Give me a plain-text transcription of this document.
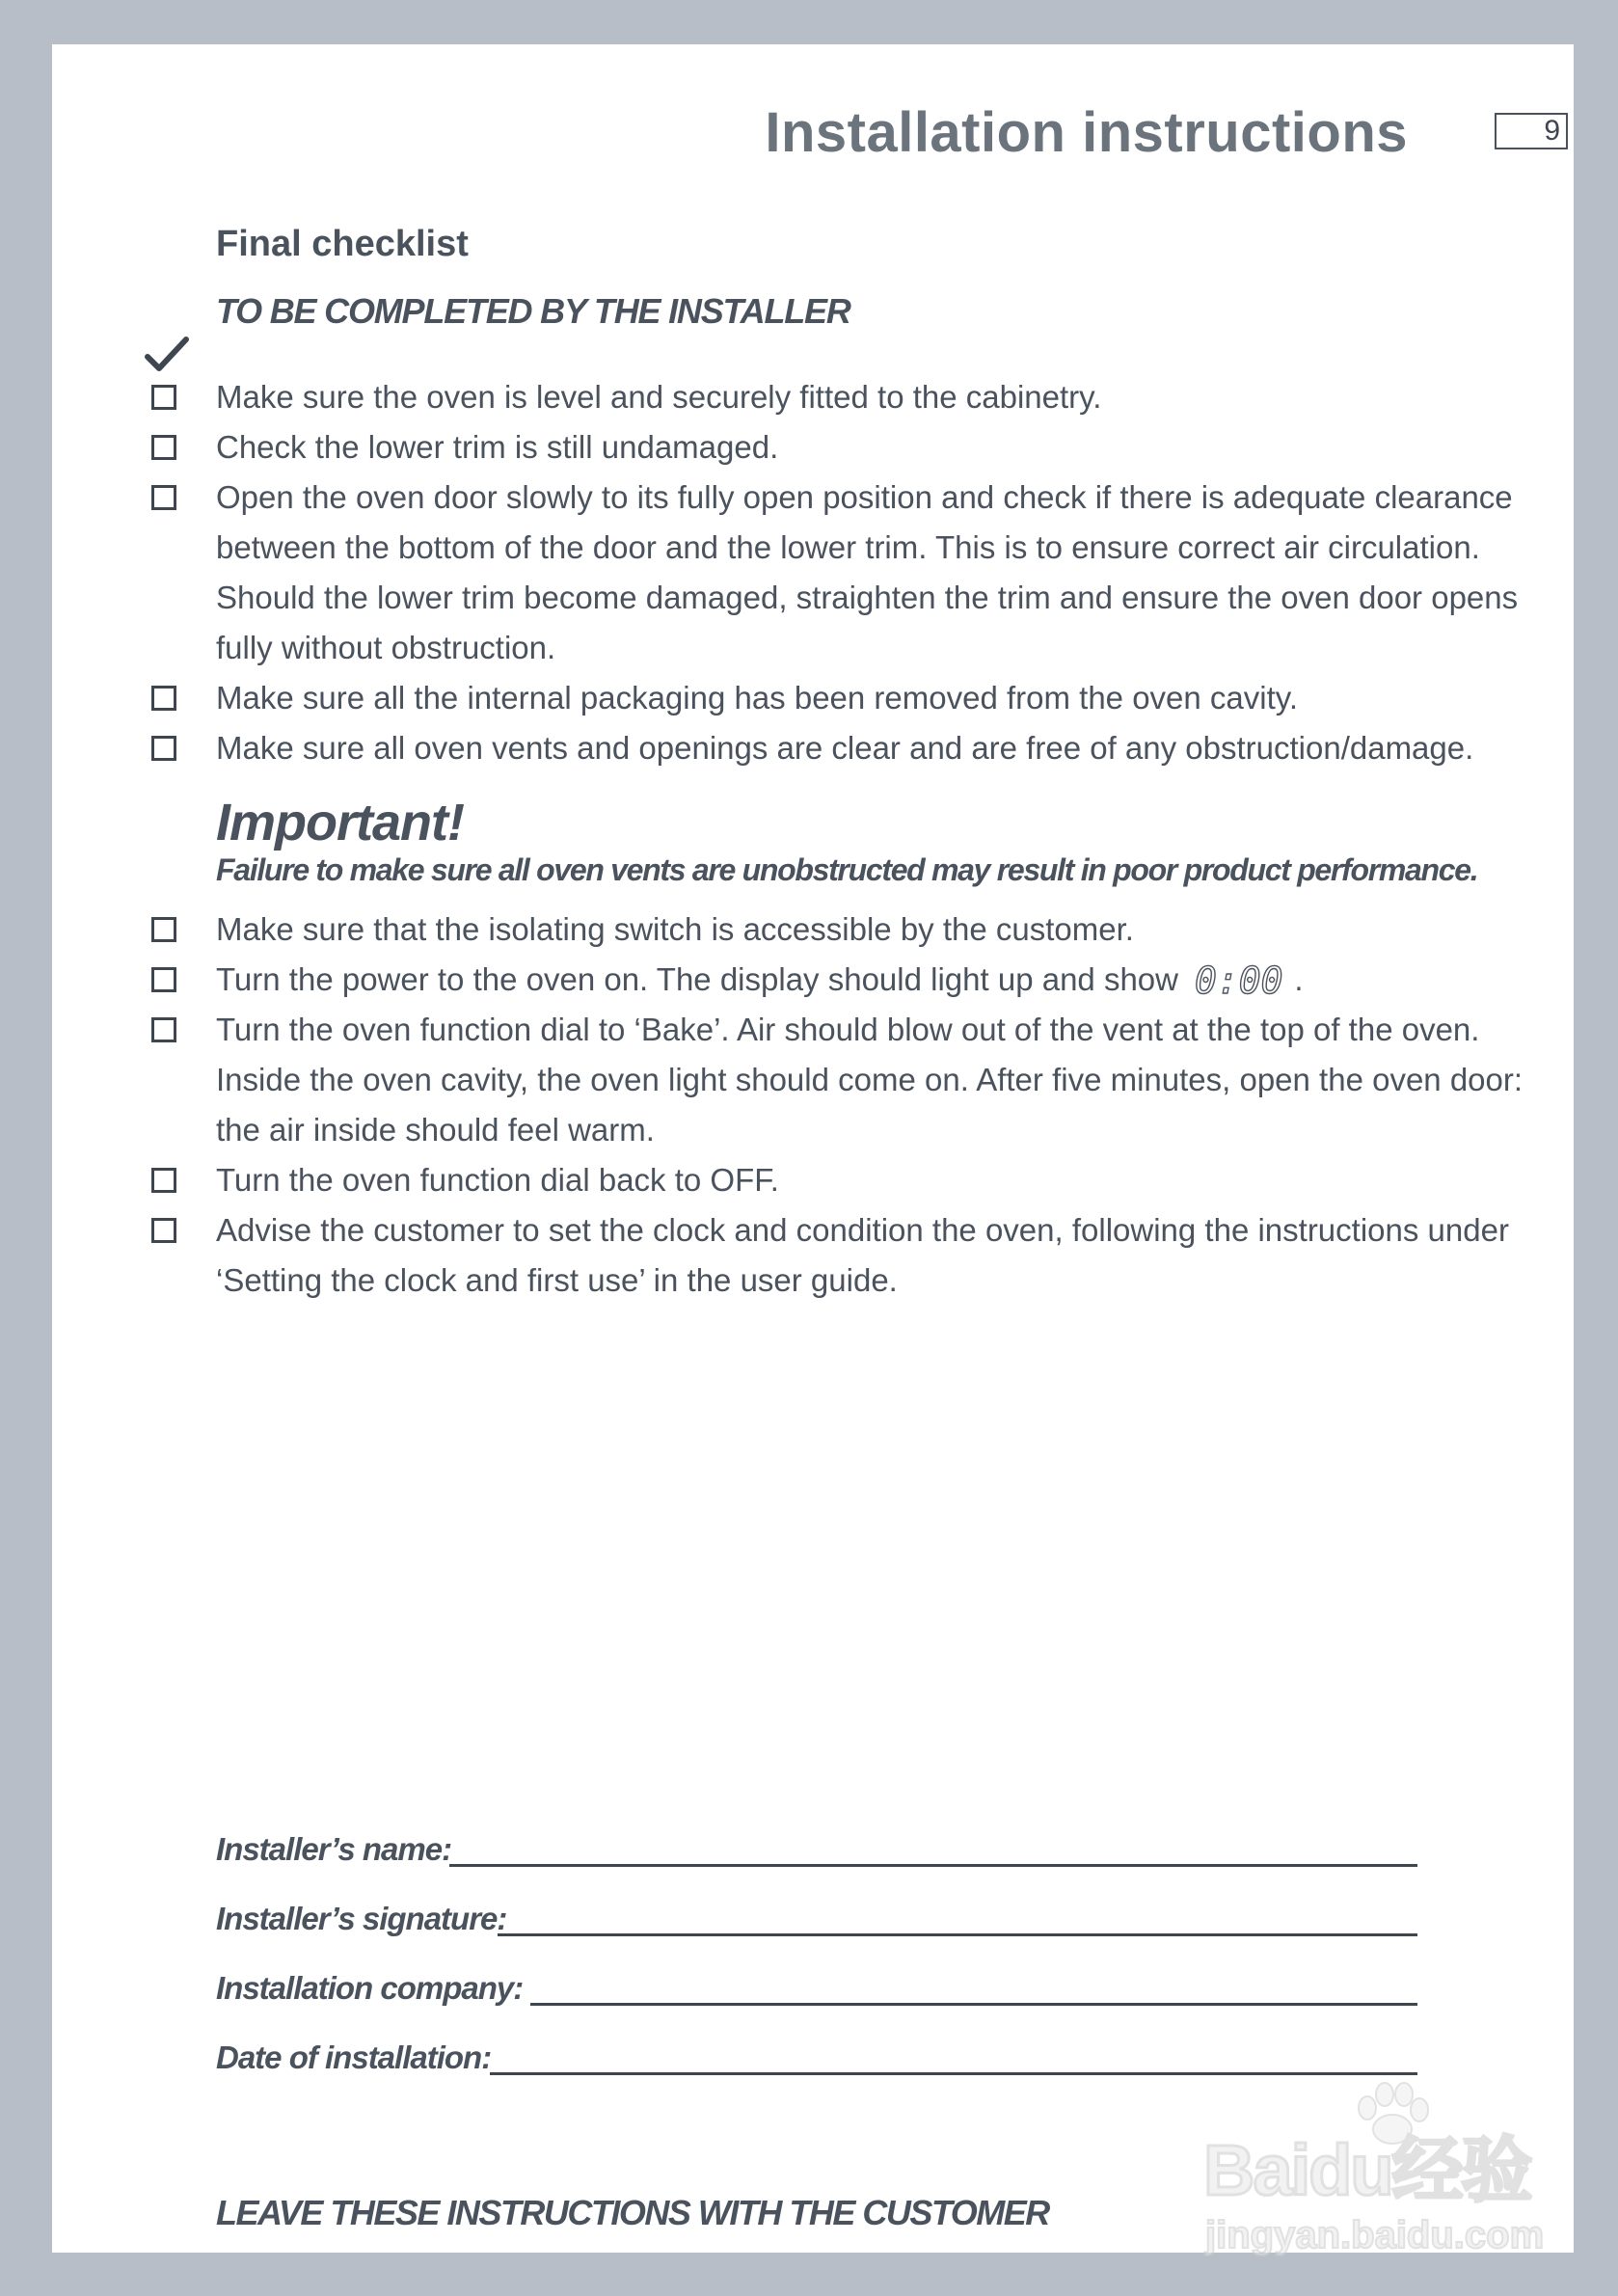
Installation instructions	9
Final checklist
TO BE COMPLETED BY THE INSTALLER
Make sure the oven is level and securely fitted to the cabinetry.
Check the lower trim is still undamaged.
Open the oven door slowly to its fully open position and check if there is adequate clearance between the bottom of the door and the lower trim. This is to ensure correct air circulation. Should the lower trim become damaged, straighten the trim and ensure the oven door opens fully without obstruction.
Make sure all the internal packaging has been removed from the oven cavity.
Make sure all oven vents and openings are clear and are free of any obstruction/damage.
Important!
Failure to make sure all oven vents are unobstructed may result in poor product performance.
Make sure that the isolating switch is accessible by the customer.
Turn the power to the oven on. The display should light up and show 0:00 .
Turn the oven function dial to ‘Bake’. Air should blow out of the vent at the top of the oven. Inside the oven cavity, the oven light should come on. After five minutes, open the oven door: the air inside should feel warm.
Turn the oven function dial back to OFF.
Advise the customer to set the clock and condition the oven, following the instructions under ‘Setting the clock and first use’ in the user guide.
Installer’s name:
Installer’s signature:
Installation company:
Date of installation:
LEAVE THESE INSTRUCTIONS WITH THE CUSTOMER
Baidu经验
jingyan.baidu.com
